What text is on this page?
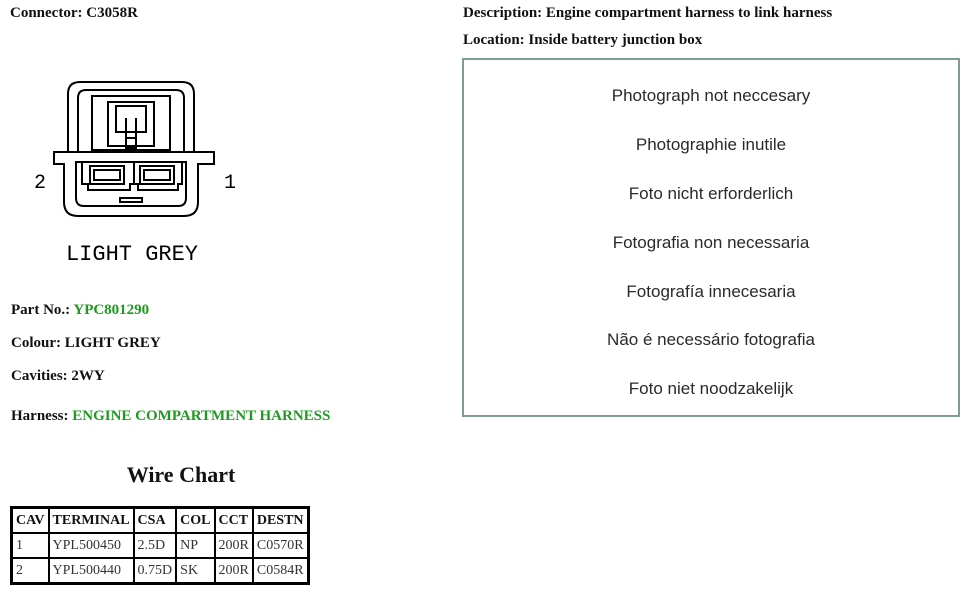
Connector: C3058R	Description: Engine compartment harness to link harness
Location: Inside battery junction box
2	1
LIGHT GREY
Part No.: YPC801290
Colour: LIGHT GREY
Cavities: 2WY
Harness: ENGINE COMPARTMENT HARNESS
Photograph not neccesary
Photographie inutile
Foto nicht erforderlich
Fotografia non necessaria
Fotografía innecesaria
Não é necessário fotografia
Foto niet noodzakelijk
Wire Chart
CAV	TERMINAL	CSA	COL	CCT	DESTN
1	YPL500450	2.5D	NP	200R	C0570R
2	YPL500440	0.75D	SK	200R	C0584R
